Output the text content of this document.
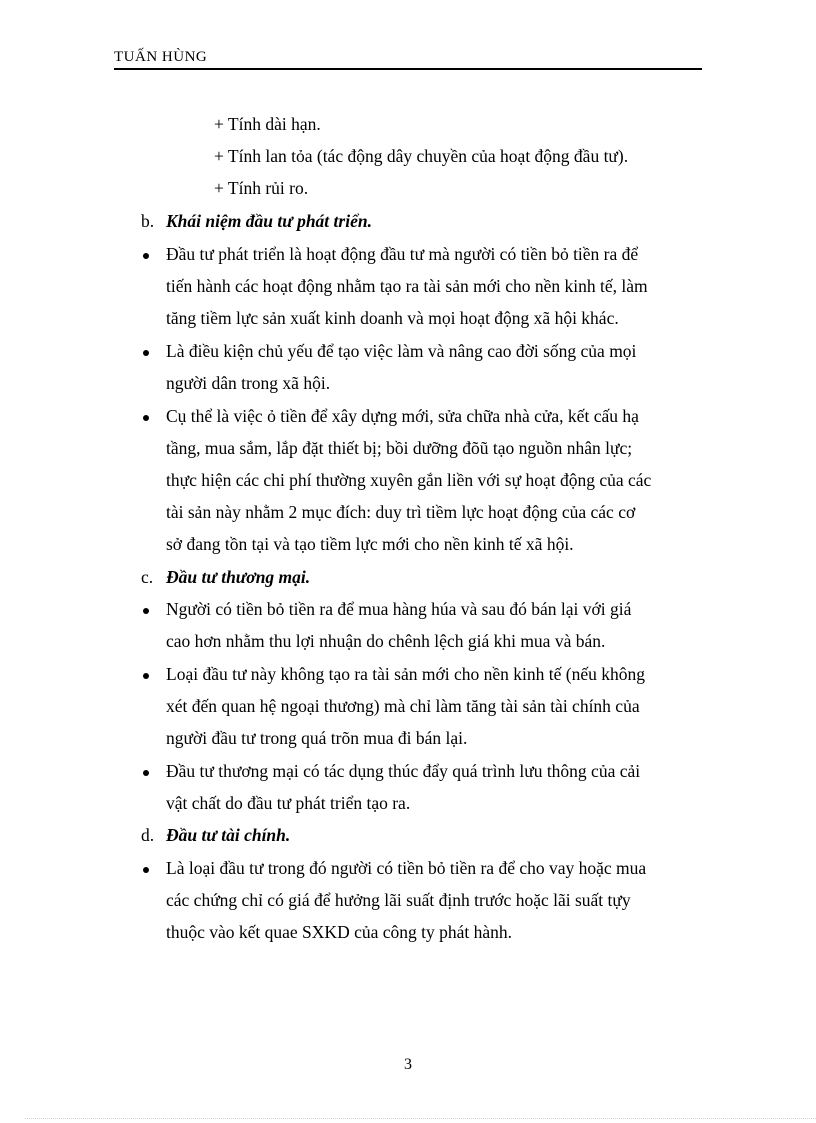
TUẤN HÙNG
+ Tính dài hạn.
+ Tính lan tỏa (tác động dây chuyền của hoạt động đầu tư).
+ Tính rủi ro.
b. Khái niệm đầu tư phát triển.
Đầu tư phát triển là hoạt động đầu tư mà người có tiền bỏ tiền ra để
tiến hành các hoạt động nhằm tạo ra tài sản mới cho nền kinh tế, làm
tăng tiềm lực sản xuất kinh doanh và mọi hoạt động xã hội khác.
Là điều kiện chủ yếu để tạo việc làm và nâng cao đời sống của mọi
người dân trong xã hội.
Cụ thể là việc ỏ tiền để xây dựng mới, sửa chữa nhà cửa, kết cấu hạ
tầng, mua sắm, lắp đặt thiết bị; bồi dưỡng đõũ tạo nguồn nhân lực;
thực hiện các chi phí thường xuyên gắn liền với sự hoạt động của các
tài sản này nhằm 2 mục đích: duy trì tiềm lực hoạt động của các cơ
sở đang tồn tại và tạo tiềm lực mới cho nền kinh tế xã hội.
c. Đầu tư thương mại.
Người có tiền bỏ tiền ra để mua hàng húa và sau đó bán lại với giá
cao hơn nhằm thu lợi nhuận do chênh lệch giá khi mua và bán.
Loại đầu tư này không tạo ra tài sản mới cho nền kinh tế (nếu không
xét đến quan hệ ngoại thương) mà chỉ làm tăng tài sản tài chính của
người đầu tư trong quá trõn mua đi bán lại.
Đầu tư thương mại có tác dụng thúc đẩy quá trình lưu thông của cải
vật chất do đầu tư phát triển tạo ra.
d. Đầu tư tài chính.
Là loại đầu tư trong đó người có tiền bỏ tiền ra để cho vay hoặc mua
các chứng chỉ có giá để hưởng lãi suất định trước hoặc lãi suất tựy
thuộc vào kết quae SXKD của công ty phát hành.
3
